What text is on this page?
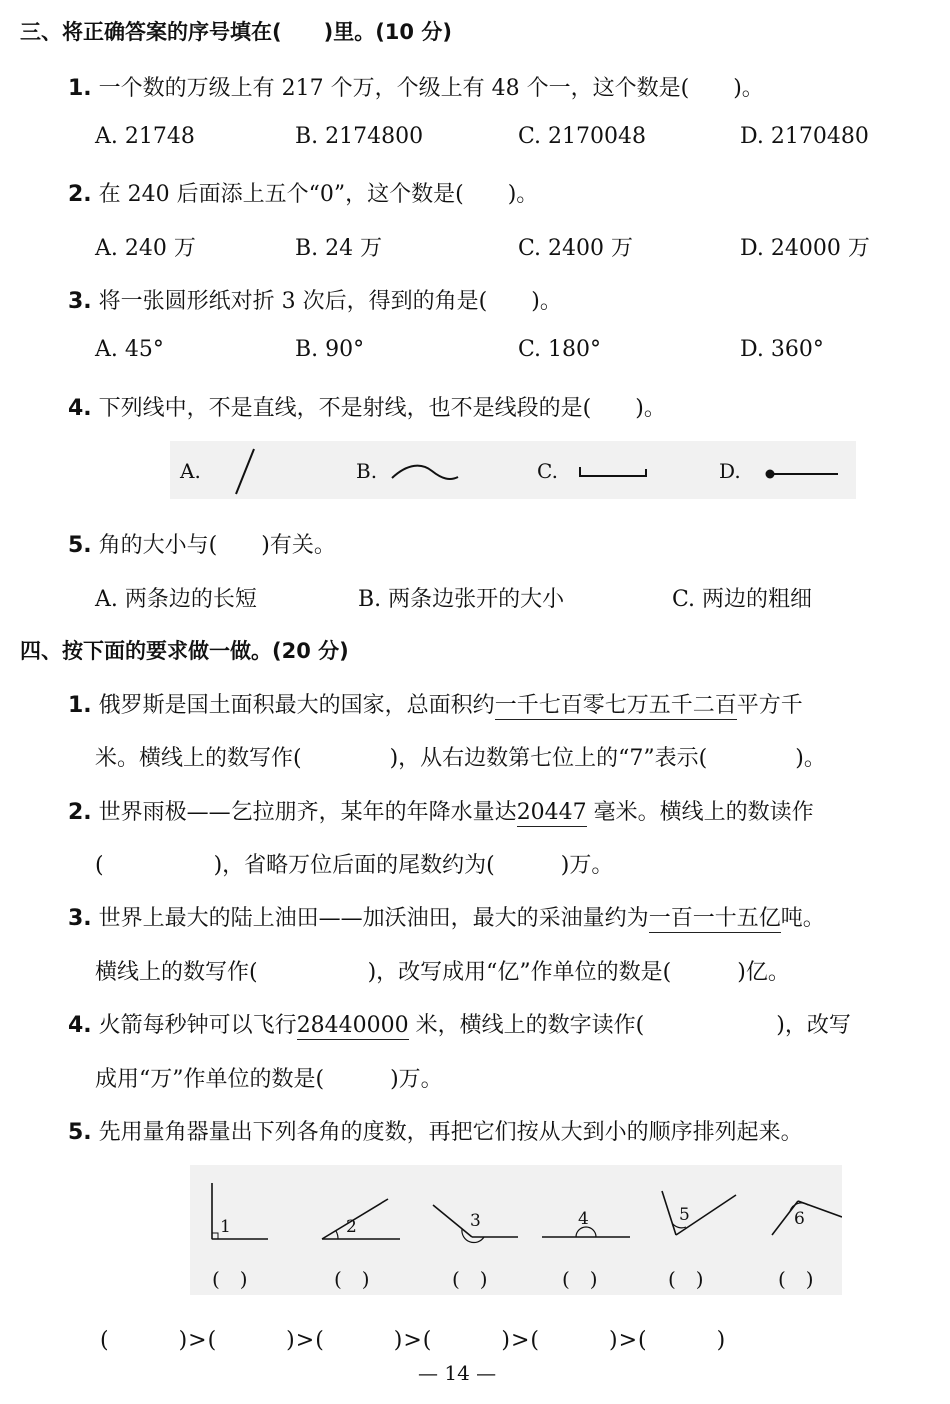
三、将正确答案的序号填在(　　)里。(10 分)
1. 一个数的万级上有 217 个万，个级上有 48 个一，这个数是(　　)。
A. 21748	B. 2174800	C. 2170048	D. 2170480
2. 在 240 后面添上五个“0”，这个数是(　　)。
A. 240 万	B. 24 万	C. 2400 万	D. 24000 万
3. 将一张圆形纸对折 3 次后，得到的角是(　　)。
A. 45°	B. 90°	C. 180°	D. 360°
4. 下列线中，不是直线，不是射线，也不是线段的是(　　)。
A.	B.	C.	D.
5. 角的大小与(　　)有关。
A. 两条边的长短	B. 两条边张开的大小	C. 两边的粗细
四、按下面的要求做一做。(20 分)
1. 俄罗斯是国土面积最大的国家，总面积约一千七百零七万五千二百平方千
米。横线上的数写作(　　　　)，从右边数第七位上的“7”表示(　　　　)。
2. 世界雨极——乞拉朋齐，某年的年降水量达20447 毫米。横线上的数读作
(　　　　　)，省略万位后面的尾数约为(　　　)万。
3. 世界上最大的陆上油田——加沃油田，最大的采油量约为一百一十五亿吨。
横线上的数写作(　　　　　)，改写成用“亿”作单位的数是(　　　)亿。
4. 火箭每秒钟可以飞行28440000 米，横线上的数字读作(　　　　　　)，改写
成用“万”作单位的数是(　　　)万。
5. 先用量角器量出下列各角的度数，再把它们按从大到小的顺序排列起来。
1	2	3	4	5	6
(　)	(　)	(　)	(　)	(　)	(　)
(　　　)>(　　　)>(　　　)>(　　　)>(　　　)>(　　　)
— 14 —
